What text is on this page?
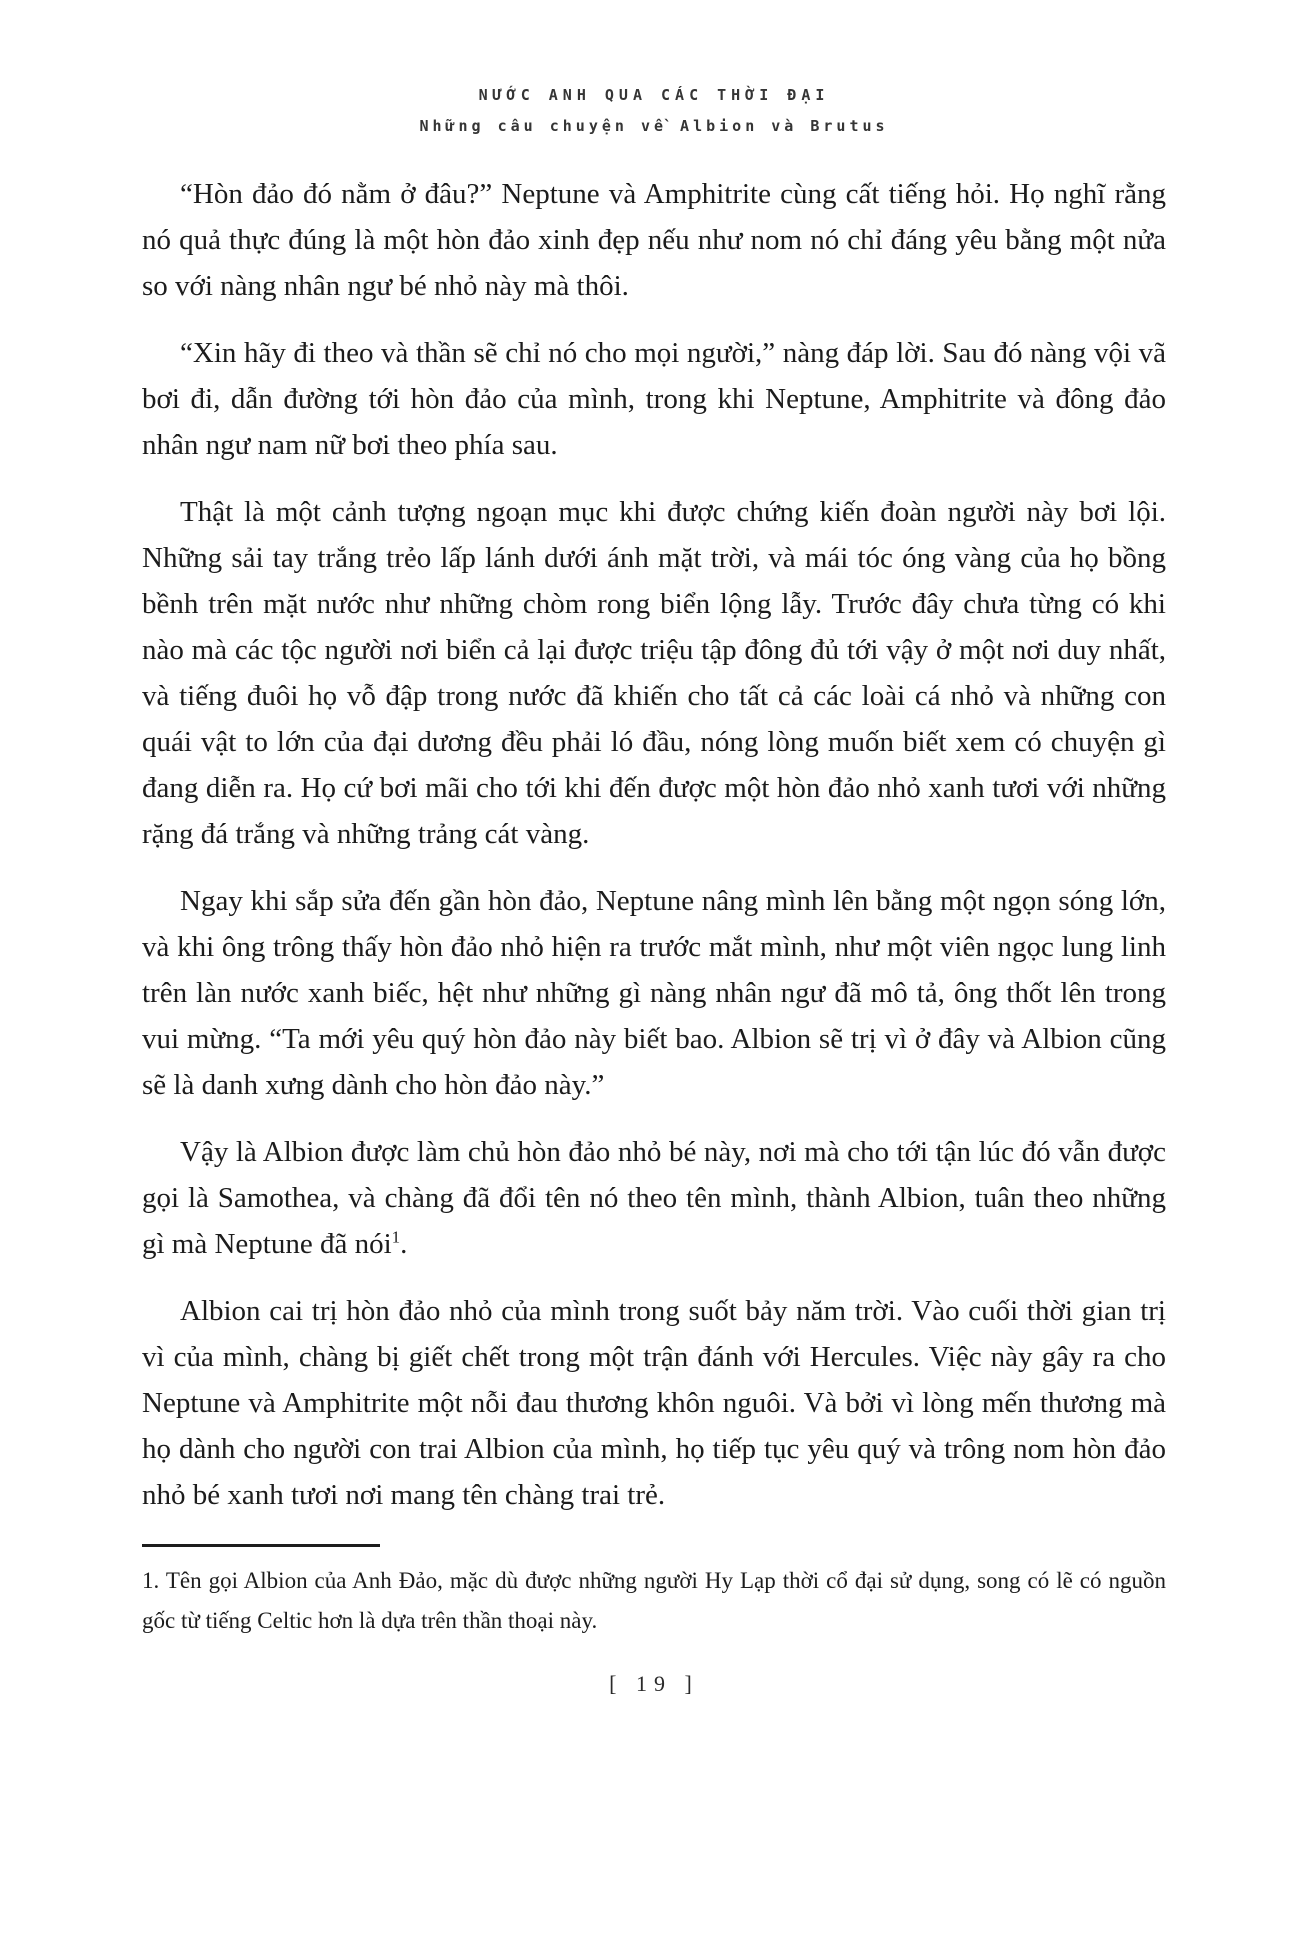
NƯỚC ANH QUA CÁC THỜI ĐẠI
Những câu chuyện về Albion và Brutus

“Hòn đảo đó nằm ở đâu?” Neptune và Amphitrite cùng cất tiếng hỏi. Họ nghĩ rằng nó quả thực đúng là một hòn đảo xinh đẹp nếu như nom nó chỉ đáng yêu bằng một nửa so với nàng nhân ngư bé nhỏ này mà thôi.

“Xin hãy đi theo và thần sẽ chỉ nó cho mọi người,” nàng đáp lời. Sau đó nàng vội vã bơi đi, dẫn đường tới hòn đảo của mình, trong khi Neptune, Amphitrite và đông đảo nhân ngư nam nữ bơi theo phía sau.

Thật là một cảnh tượng ngoạn mục khi được chứng kiến đoàn người này bơi lội. Những sải tay trắng trẻo lấp lánh dưới ánh mặt trời, và mái tóc óng vàng của họ bồng bềnh trên mặt nước như những chòm rong biển lộng lẫy. Trước đây chưa từng có khi nào mà các tộc người nơi biển cả lại được triệu tập đông đủ tới vậy ở một nơi duy nhất, và tiếng đuôi họ vỗ đập trong nước đã khiến cho tất cả các loài cá nhỏ và những con quái vật to lớn của đại dương đều phải ló đầu, nóng lòng muốn biết xem có chuyện gì đang diễn ra. Họ cứ bơi mãi cho tới khi đến được một hòn đảo nhỏ xanh tươi với những rặng đá trắng và những trảng cát vàng.

Ngay khi sắp sửa đến gần hòn đảo, Neptune nâng mình lên bằng một ngọn sóng lớn, và khi ông trông thấy hòn đảo nhỏ hiện ra trước mắt mình, như một viên ngọc lung linh trên làn nước xanh biếc, hệt như những gì nàng nhân ngư đã mô tả, ông thốt lên trong vui mừng. “Ta mới yêu quý hòn đảo này biết bao. Albion sẽ trị vì ở đây và Albion cũng sẽ là danh xưng dành cho hòn đảo này.”

Vậy là Albion được làm chủ hòn đảo nhỏ bé này, nơi mà cho tới tận lúc đó vẫn được gọi là Samothea, và chàng đã đổi tên nó theo tên mình, thành Albion, tuân theo những gì mà Neptune đã nói$^1$.

Albion cai trị hòn đảo nhỏ của mình trong suốt bảy năm trời. Vào cuối thời gian trị vì của mình, chàng bị giết chết trong một trận đánh với Hercules. Việc này gây ra cho Neptune và Amphitrite một nỗi đau thương khôn nguôi. Và bởi vì lòng mến thương mà họ dành cho người con trai Albion của mình, họ tiếp tục yêu quý và trông nom hòn đảo nhỏ bé xanh tươi nơi mang tên chàng trai trẻ.

1. Tên gọi Albion của Anh Đảo, mặc dù được những người Hy Lạp thời cổ đại sử dụng, song có lẽ có nguồn gốc từ tiếng Celtic hơn là dựa trên thần thoại này.

[ 19 ]
